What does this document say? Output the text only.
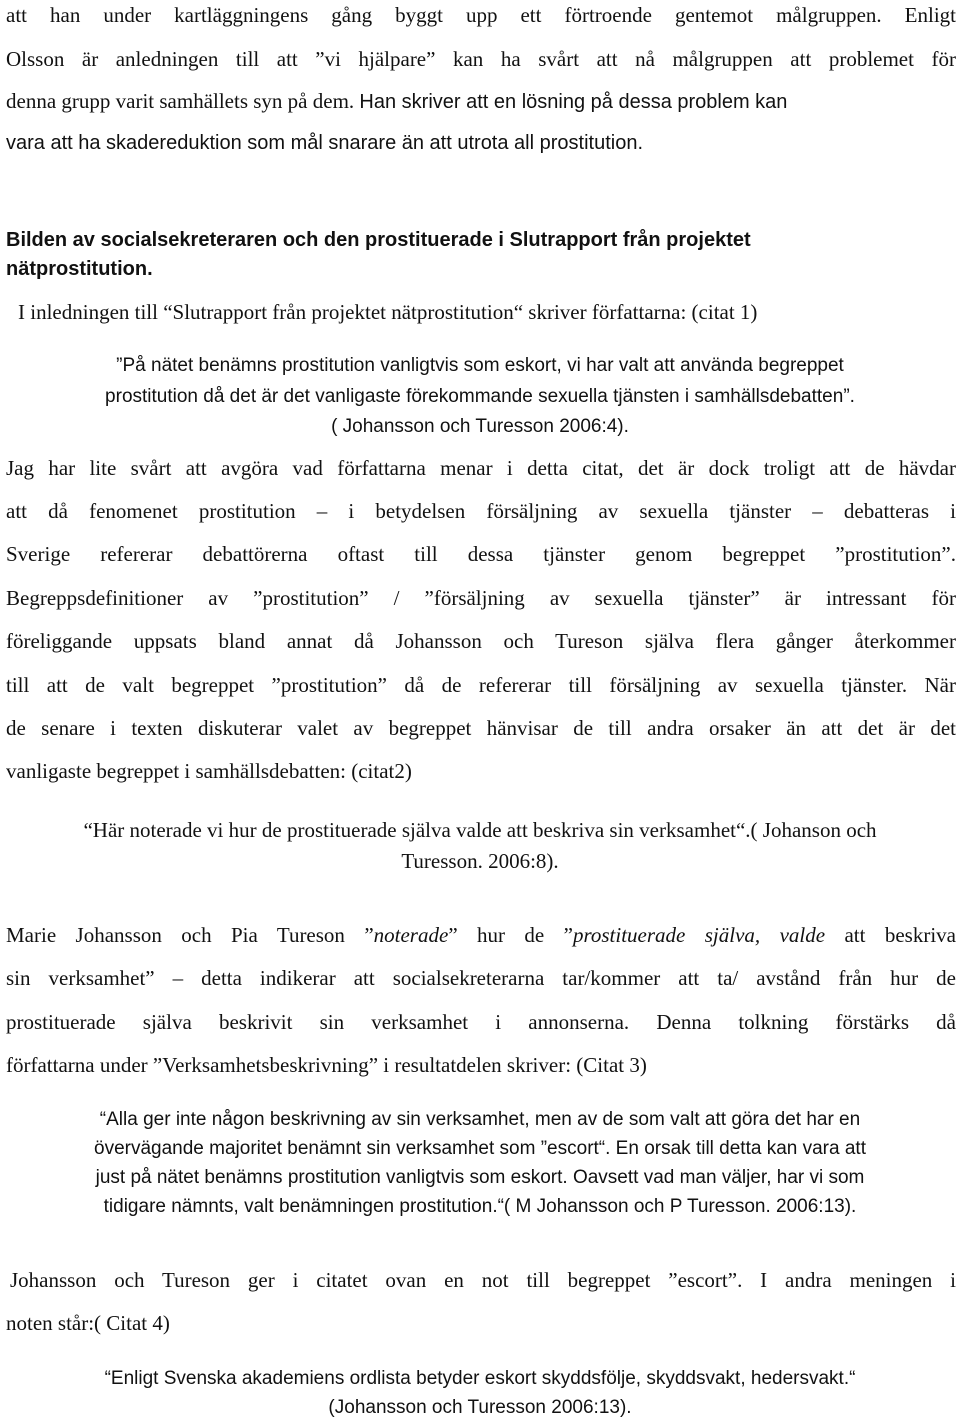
att han under kartläggningens gång byggt upp ett förtroende gentemot målgruppen. Enligt
Olsson är anledningen till att ”vi hjälpare” kan ha svårt att nå målgruppen att problemet för
denna grupp varit samhällets syn på dem. Han skriver att en lösning på dessa problem kan
vara att ha skadereduktion som mål snarare än att utrota all prostitution.
Bilden av socialsekreteraren och den prostituerade i Slutrapport från projektet
nätprostitution.
I inledningen till “Slutrapport från projektet nätprostitution“ skriver författarna: (citat 1)
”På nätet benämns prostitution vanligtvis som eskort, vi har valt att använda begreppet
prostitution då det är det vanligaste förekommande sexuella tjänsten i samhällsdebatten”.
( Johansson och Turesson 2006:4).
Jag har lite svårt att avgöra vad författarna menar i detta citat, det är dock troligt att de hävdar
att då fenomenet prostitution – i betydelsen försäljning av sexuella tjänster – debatteras i
Sverige refererar debattörerna oftast till dessa tjänster genom begreppet ”prostitution”.
Begreppsdefinitioner av ”prostitution” / ”försäljning av sexuella tjänster” är intressant för
föreliggande uppsats bland annat då Johansson och Tureson själva flera gånger återkommer
till att de valt begreppet ”prostitution” då de refererar till försäljning av sexuella tjänster. När
de senare i texten diskuterar valet av begreppet hänvisar de till andra orsaker än att det är det
vanligaste begreppet i samhällsdebatten: (citat2)
“Här noterade vi hur de prostituerade själva valde att beskriva sin verksamhet“.( Johanson och
Turesson. 2006:8).
Marie Johansson och Pia Tureson ”noterade” hur de ”prostituerade själva, valde att beskriva
sin verksamhet” – detta indikerar att socialsekreterarna tar/kommer att ta/ avstånd från hur de
prostituerade själva beskrivit sin verksamhet i annonserna. Denna tolkning förstärks då
författarna under ”Verksamhetsbeskrivning” i resultatdelen skriver: (Citat 3)
“Alla ger inte någon beskrivning av sin verksamhet, men av de som valt att göra det har en
övervägande majoritet benämnt sin verksamhet som ”escort“. En orsak till detta kan vara att
just på nätet benämns prostitution vanligtvis som eskort. Oavsett vad man väljer, har vi som
tidigare nämnts, valt benämningen prostitution.“( M Johansson och P Turesson. 2006:13).
Johansson och Tureson ger i citatet ovan en not till begreppet ”escort”. I andra meningen i
noten står:( Citat 4)
“Enligt Svenska akademiens ordlista betyder eskort skyddsfölje, skyddsvakt, hedersvakt.“
(Johansson och Turesson 2006:13).
